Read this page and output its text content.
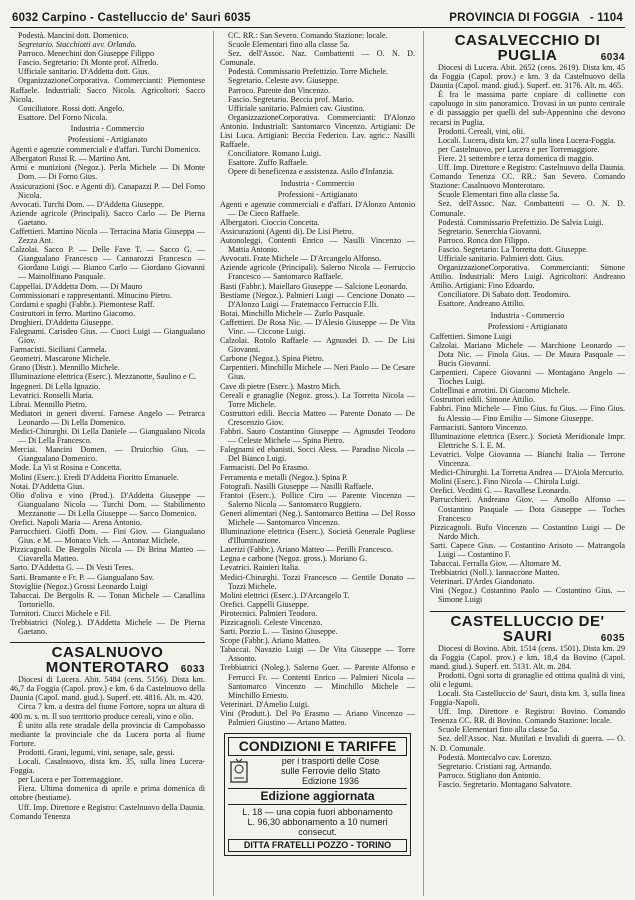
6032 Carpino - Castelluccio de' Sauri 6035	PROVINCIA DI FOGGIA - 1104

Podestà. Mancini dott. Domenico.

Segretario. Stacchiotti avv. Orlando.

Parroco. Menechini don Giuseppe Filippo

Fascio. Segretario: Di Monte prof. Alfredo.

Ufficiale sanitario. D'Addetta dott. Gius.

OrganizzazioneCorporativa. Commercianti: Piemontese Raffaele. Industriali: Sacco Nicola. Agricoltori: Sacco Nicola.

Conciliatore. Rossi dott. Angelo.

Esattore. Del Forno Nicola.

Industria - Commercio
Professioni - Artigianato

Agenti e agenzie commerciali e d'affari. Turchi Domenico.

Albergatori Russi R. — Martino Ant.

Armi e munizioni (Negoz.). Perla Michele — Di Monte Dom. — Di Forno Gius.

Assicurazioni (Soc. e Agenti di). Canapazzi P. — Del Forno Nicola.

Avvocati. Turchi Dom. — D'Addetta Giuseppe.

Aziende agricole (Principali). Sacco Carlo — De Pierna Gaetano.

Caffettieri. Martino Nicola — Terracina Maria Giuseppa — Zezza Ant.

Calzolai. Sacco P. — Delle Fave T. — Sacco G. — Giangualano Francesco — Cannarozzi Francesco — Giordano Luigi — Bianco Carlo — Giordano Giovanni — Mainolfinano Pasquale.

Cappellai. D'Addetta Dom. — Di Mauro

Commissionari e rappresentanti. Minucino Pietro.

Cordami e spaghi (Fabbr.). Piemontese Raff.

Costruttori in ferro. Martino Giacomo.

Droghieri. D'Addetta Giuseppe.

Falegnami. Carisdeo Gius. — Cuoci Luigi — Giangualano Giov.

Farmacisti. Siciliani Carmela.

Geometri. Mascarone Michele.

Grano (Distr.). Mennillo Michele.

Illuminazione elettrica (Eserc.). Mezzanotte, Saulino e C.

Ingegneri. Di Lella Ignazio.

Levatrici. Ronselli Maria.

Librai. Mennillo Pietro.

Mediatori in generi diversi. Farnese Angelo — Petrarca Leonardo — Di Lella Domenico.

Medici-Chirurghi. Di Lella Daniele — Giangualano Nicola — Di Lella Francesco.

Merciai. Mancini Domen. — Druicchio Gius. — Giangualano Domenico.

Mode. La Vi st Rosina e Concetta.

Molini (Eserc.). Eredi D'Addetta Fioritto Emanuele.

Notai. D'Addetta Gius.

Olio d'oliva e vino (Prod.). D'Addetta Giuseppe — Giangualano Nicola — Turchi Dom. — Stabilimento Mezzanotte — Di Lella Giuseppe — Sacco Domenico.

Orefici. Napoli Maria — Arena Antonio.

Parrucchieri. Gioffi Dom. — Fini Giov. — Giangualano Gius. e M. — Monaco Vich. — Antonaz Michele.

Pizzicagnoli. De Bergolis Nicola — Di Brina Matteo — Ciavarella Matteo.

Sarto. D'Addetta G. — Di Vesti Teres.

Sarti. Bramante e Fr. P. — Giangualano Sav.

Stovigliie (Negoz.) Grossi Leonardo Luigi

Tabaccai. De Bergolis R. — Tonan Michele — Canallina Tortoriello.

Tornitori. Ciucci Michele e Fil.

Trebbiatrici (Noleg.). D'Addetta Michele — De Pierna Gaetano.

CASALNUOVO MONTEROTARO 6033

Diocesi di Lucera. Abit. 5484 (cens. 5156). Dista km. 46,7 da Foggia (Capol. prov.) e km. 6 da Castelnuovo della Daunia (Capol. mand. giud.). Superf. ett. 4816. Alt. m. 420.

Circa 7 km. a destra del fiume Fortore, sopra un altura di 400 m. s. m. Il suo territorio produce cereali, vino e olio.

È unito alla rete stradale della provincia di Campobasso mediante la provinciale che da Lucera porta al fiume Fortore.

Prodotti. Grani, legumi, vini, senape, sale, gessi.

Locali. Casalnuovo, dista km. 35, sulla linea Lucera-Foggia.

per Lucera e per Torremaggiore.

Fiera. Ultima domenica di aprile e prima domenica di ottobre (bestiame).

Uff. Imp. Direttore e Registro: Castelnuovo della Daunia. Comando Tenenza

CC. RR.: San Severo. Comando Stazione: locale.

Scuole Elementari fino alla classe 5a.

Sez. dell'Assoc. Naz. Combattenti — O. N. D. Comunale.

Podestà. Commissario Prefettizio. Torre Michele.

Segretario. Celeste avv. Giuseppe.

Parroco. Parente don Vincenzo.

Fascio. Segretario. Beccia prof. Mario.

Ufficiale sanitario. Palmieri cav. Giustino.

OrganizzazioneCorporativa. Commercianti: D'Alonzo Antonio. Industriali: Santomarco Vincenzo. Artigiani: De Lisi Luca. Artigiani: Beccia Federico. Lav. agric.: Nasilli Raffaele.

Conciliatore. Romano Luigi.

Esattore. Zuffo Raffaele.

Opere di beneficenza e assistenza. Asilo d'Infanzia.

Industria - Commercio
Professioni - Artigianato

Agenti e agenzie commerciali e d'affari. D'Alonzo Antonio — De Cieco Raffaele.

Albergatori. Cioccio Concetta.

Assicurazioni (Agenti di). De Lisi Pietro.

Autonoleggi. Contenti Enrico — Nasilli Vincenzo — Mattia Antonio.

Avvocati. Frate Michele — D'Arcangelo Alfonso.

Aziende agricole (Principali). Salerno Nicola — Ferruccio Francesco — Santomarco Raffaele.

Basti (Fabbr.). Maiellaro Giuseppe — Salcione Leonardo.

Bestiame (Negoz.). Palmieri Luigi — Cencione Donato — D'Alonzo Luigi — Fratemacco Ferruccio F.lli.

Botai. Minchillo Michele — Zurlo Pasquale.

Caffettieri. De Rosa Nic. — D'Alesio Giuseppe — De Vita Vinc. — Ciccone Luigi.

Calzolai. Rotolo Raffaele — Agnusdei D. — De Lisi Giovanni.

Carbone (Negoz.). Spina Pietro.

Carpentieri. Minchillo Michele — Neri Paolo — De Cesare Gius.

Cave di pietre (Eserc.). Mastro Mich.

Cereali e granaglie (Negoz. gross.). La Torretta Nicola — Torre Michele.

Costruttori edili. Beccia Matteo — Parente Donato — De Crescenzio Giov.

Fabbri. Sauro Costantino Giuseppe — Agnusdei Teodoro — Celeste Michele — Spina Pietro.

Falegnami ed ebanisti. Socci Aless. — Paradiso Nicola — Del Bianco Luigi.

Farmacisti. Del Po Erasmo.

Ferramenta e metalli (Negoz.). Spina P.

Fotografi. Nasilli Giuseppe — Nasilli Raffaele.

Frantoi (Eserc.). Pollice Ciro — Parente Vincenzo — Salerno Nicola — Santomarco Ruggiero.

Generi alimentari (Neg.). Santomarco Bettina — Del Rosso Michele — Santomarco Vincenzo.

Illuminazione elettrica (Eserc.). Società Generale Pugliese d'Illuminazione.

Laterizi (Fabbr.). Ariano Matteo — Perilli Francesco.

Legna e carbone (Negoz. gross.). Moriano G.

Levatrici. Rainieri Italia.

Medici-Chirurghi. Tozzi Francesco — Gentile Donato — Tozzi Michele.

Molini elettrici (Eserc.). D'Arcangelo T.

Orefici. Cappelli Giuseppe.

Pirotecnici. Palmieri Teodoro.

Pizzicagnoli. Celeste Vincenzo.

Sarti. Porzio L. — Tasino Giuseppe.

Scope (Fabbr.). Ariano Matteo.

Tabaccai. Navazio Luigi — De Vita Giuseppe — Torre Assonto.

Trebbiatrici (Noleg.). Salerno Guer. — Parente Alfonso e Ferrucci Fr. — Contenti Enrico — Palmieri Nicola — Santomarco Vincenzo — Minchillo Michele — Minchillo Ernesto.

Veterinari. D'Amelio Luigi.

Vini (Produtt.). Del Po Erasmo — Ariano Vincenzo — Palmieri Giustino — Ariano Matteo.

CONDIZIONI E TARIFFE
per i trasporti delle Cose
sulle Ferrovie dello Stato
Edizione 1936
Edizione aggiornata
L. 18 — una copia fuori abbonamento
L. 96,30 abbonamento a 10 numeri consecut.
DITTA FRATELLI POZZO - TORINO
CASALVECCHIO DI PUGLIA	6034

Diocesi di Lucera. Abit. 2652 (cens. 2619). Dista km. 45 da Foggia (Capol. prov.) e km. 3 da Castelnuovo della Daunia (Capol. mand. giud.). Superf. ett. 3176. Alt. m. 465.

È fra le massima parte copiare di collinette con capoluogo in sito panoramico. Trovasi in un punto centrale e di passaggio per quelli del sub-Appennino che devono recarsi in Puglia.

Prodotti. Cereali, vini, olii.

Locali. Lucera, dista km. 27 sulla linea Lucera-Foggia.

per Castelnuovo, per Lucera e per Torremaggiore.

Fiere. 21 settembre e terza domenica di maggio.

Uff. Imp. Direttore e Registro: Castelnuovo della Daunia. Comando Tenenza CC. RR.: San Severo. Comando Stazione: Casalnuovo Monterotaro.

Scuole Elementari fino alla classe 5a.

Sez. dell'Assoc. Naz. Combattenti — O. N. D. Comunale.

Podestà. Commissario Prefettizio. De Salvia Luigi.

Segretario. Senerchia Giovanni.

Parroco. Ronca don Filippo.

Fascio. Segretario: La Torretta dott. Giuseppe.

Ufficiale sanitario. Palmieri dott. Gius.

OrganizzazioneCorporativa. Commercianti: Simone Attilio. Industriali: Mero Luigi. Agricoltori: Andreano Attilio. Artigiani: Fino Edoardo.

Conciliatore. Di Sabato dott. Teodomiro.

Esattore. Andreano Attilio.

Industria - Commercio
Professioni - Artigianato

Caffettieri. Simone Luigi

Calzolai. Mariano Michele — Marchione Leonardo — Dota Nic. — Finola Gius. — De Maura Pasquale — Bucis Giovanni.

Carpentieri. Capece Giovanni — Montagano Angelo — Tioches Luigi.

Coltellinai e arrotini. Di Giacomo Michele.

Costruttori edili. Simone Attilio.

Fabbri. Fino Michele — Fino Gius. fu Gius. — Fino Gius. fu Alessio — Fino Emilio — Simone Giuseppe.

Farmacisti. Santoro Vincenzo.

Illuminazione elettrica (Eserc.). Società Meridionale Impr. Elettriche S. I. E. M.

Levatrici. Volpe Giovanna — Bianchi Italia — Terrone Vincenza.

Medici-Chirurghi. La Torretta Andrea — D'Aiola Mercurio.

Molini (Eserc.). Fino Nicola — Chirola Luigi.

Orefici. Vecditti G. — Ravallese Leonardo.

Parrucchieri. Andreano Giov. — Amollo Alfonso — Costantino Pasquale — Dota Giuseppe — Toches Francesco

Pizzicagnoli. Bufo Vincenzo — Costantino Luigi — De Nardo Mich.

Sarti. Capece Gius. — Costantino Arisoto — Matrangola Luigi — Costantino F.

Tabaccai. Ferralla Giov. — Altomare M.

Trebbiatrici (Noll.). Iannaccone Matteo.

Veterinari. D'Ardes Giandonato.

Vini (Negoz.) Costantino Paolo — Costantino Gius. — Simone Luigi

CASTELLUCCIO DE' SAURI	6035

Diocesi di Bovino. Abit. 1514 (cens. 1501). Dista km. 29 da Foggia (Capol. prov.) e km. 18,4 da Bovino (Capol. mand. giud.). Superf. ett. 5131. Alt. m. 284.

Prodotti. Ogni sorta di granaglie ed ottima qualità di vini, olii e legumi.

Locali. Sta Castelluccio de' Sauri, dista km. 3, sulla linea Foggia-Napoli.

Uff. Imp. Direttore e Registro: Bovino. Comando Tenenza CC. RR. di Bovino. Comando Stazione: locale.

Scuole Elementari fino alla classe 5a.

Sez. dell'Assoc. Naz. Mutilati e Invalidi di guerra. — O. N. D. Comunale.

Podestà. Montecalvo cav. Lorenzo.

Segretario. Cristiani rag. Armando.

Parroco. Stigliano don Antonio.

Fascio. Segretario. Montagano Salvatore.
